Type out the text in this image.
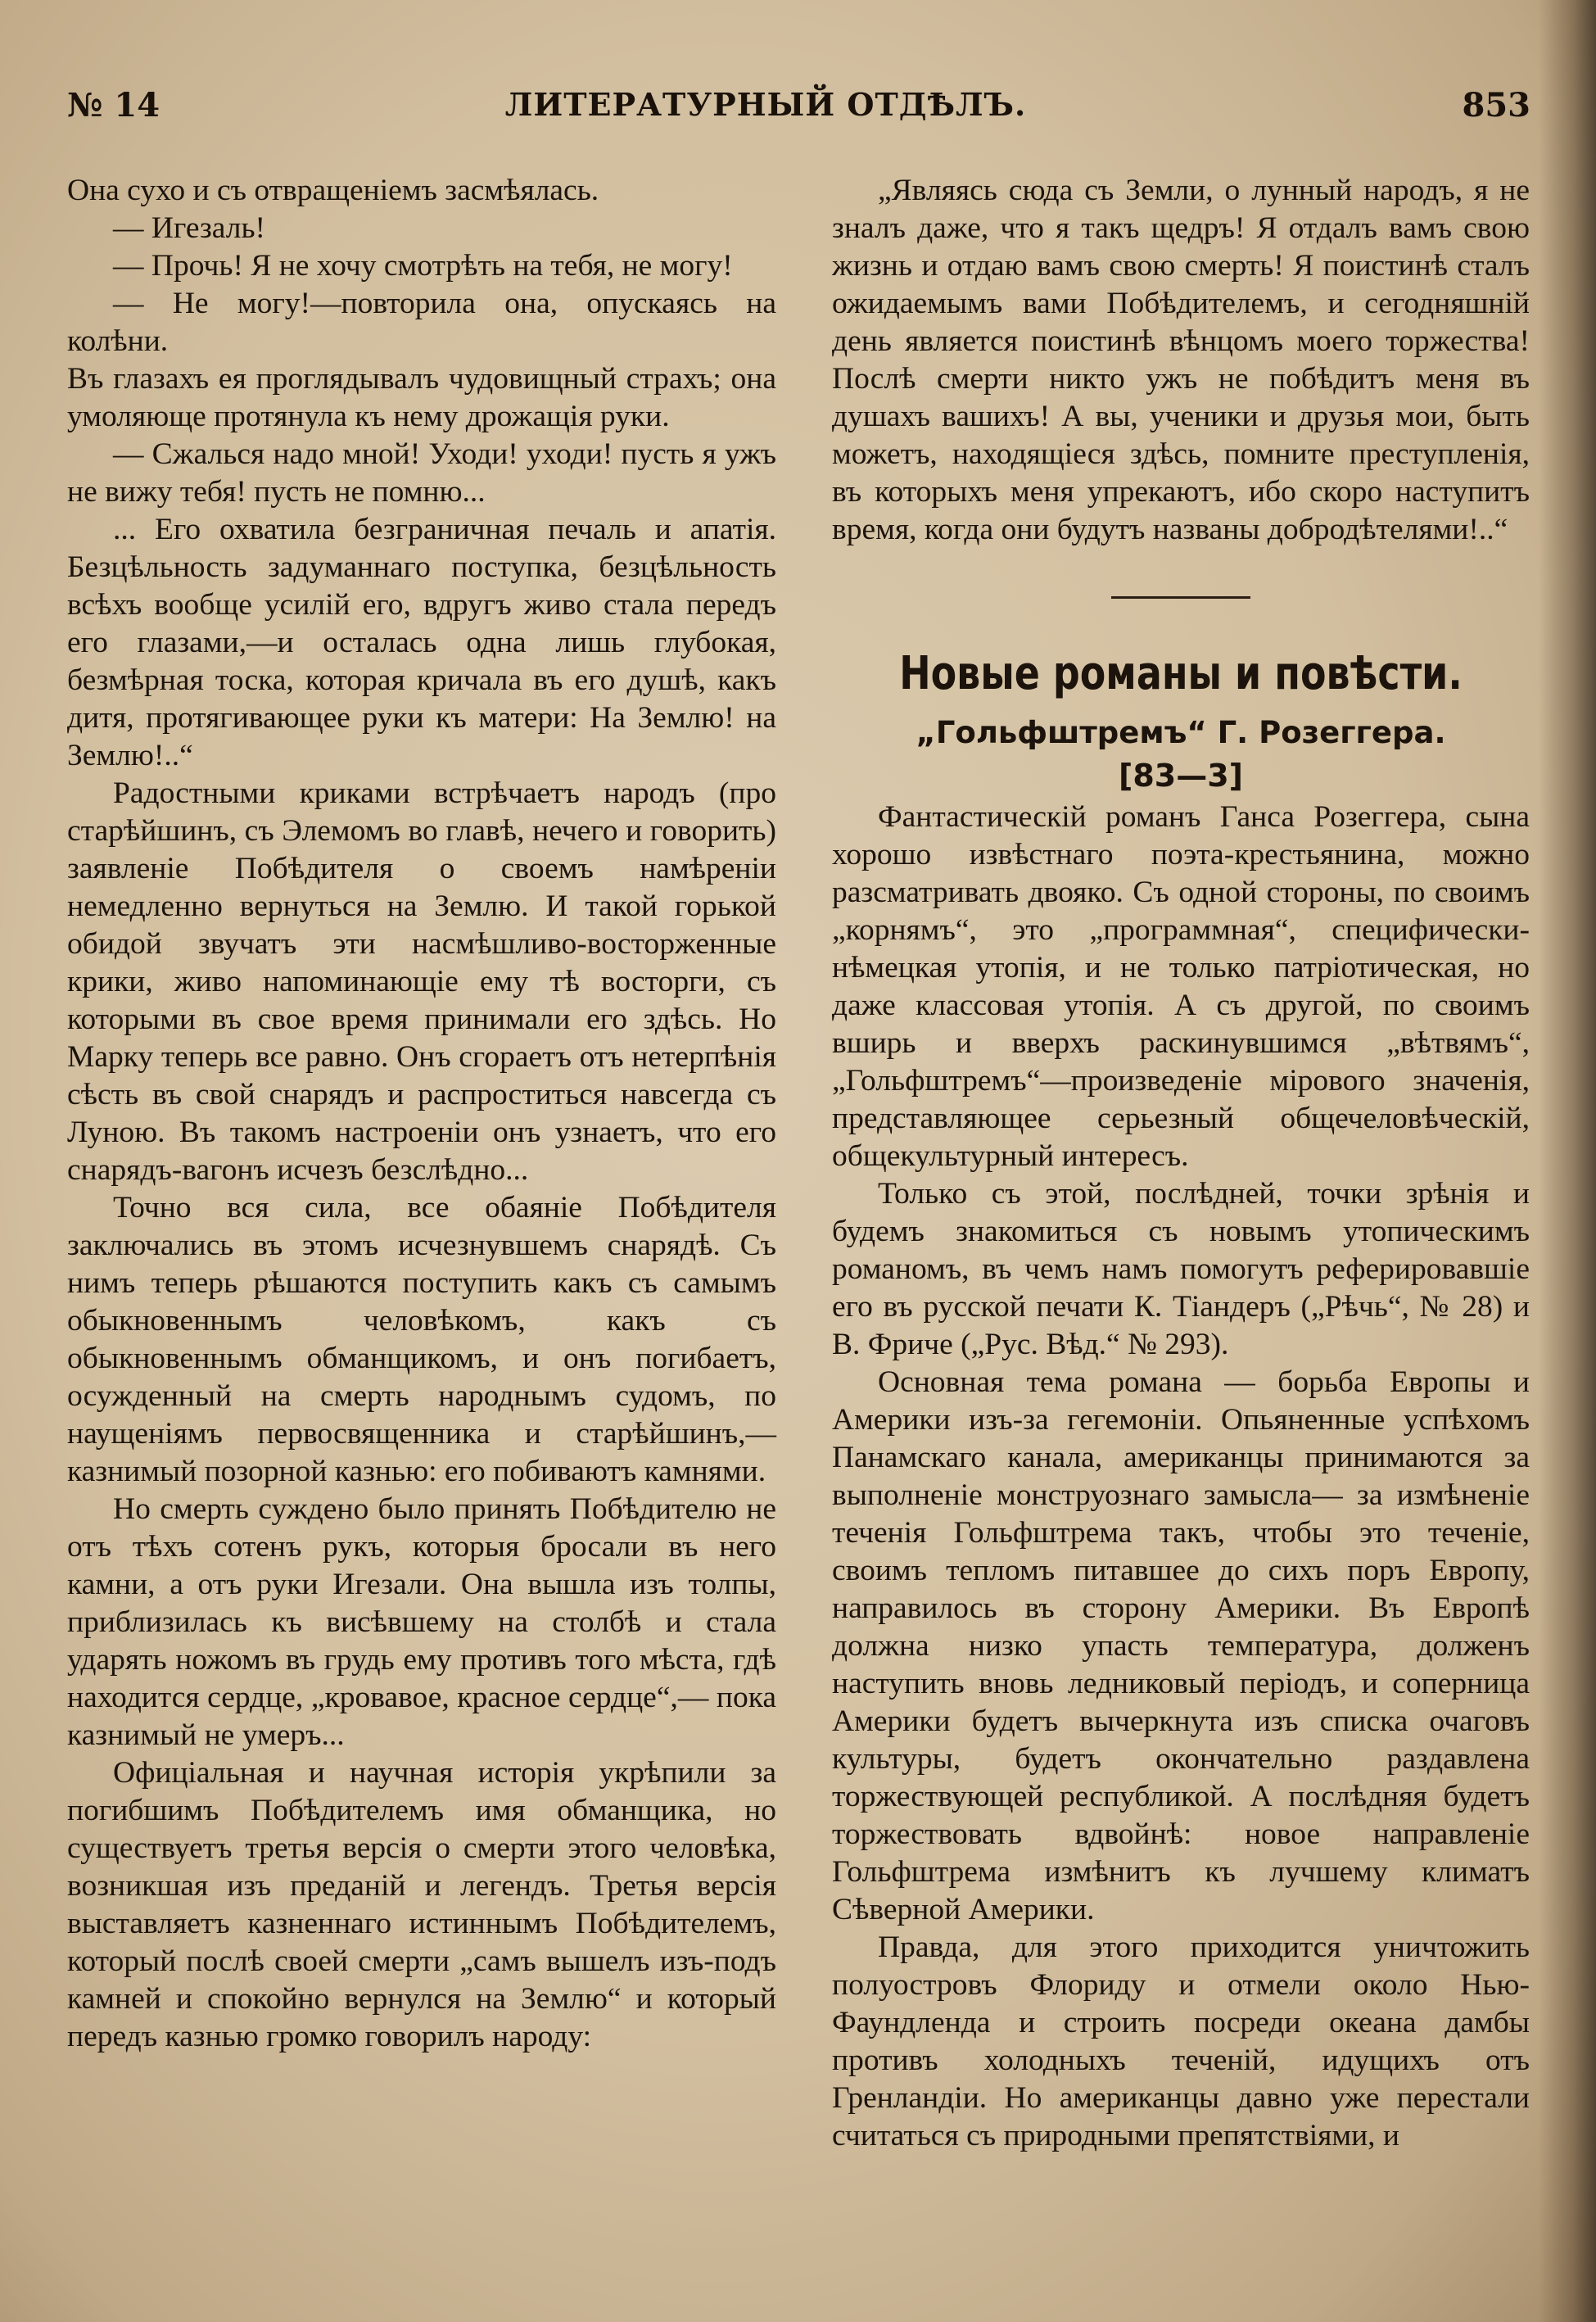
№ 14	ЛИТЕРАТУРНЫЙ ОТДѢЛЪ.	853

Она сухо и съ отвращеніемъ засмѣялась.

— Игезаль!

— Прочь! Я не хочу смотрѣть на тебя, не могу!

— Не могу!—повторила она, опускаясь на колѣни.

Въ глазахъ ея проглядывалъ чудовищный страхъ; она умоляюще протянула къ нему дрожащія руки.

— Сжалься надо мной! Уходи! уходи! пусть я ужъ не вижу тебя! пусть не помню...

... Его охватила безграничная печаль и апатія. Безцѣльность задуманнаго поступка, безцѣльность всѣхъ вообще усилій его, вдругъ живо стала передъ его глазами,—и осталась одна лишь глубокая, безмѣрная тоска, которая кричала въ его душѣ, какъ дитя, протягивающее руки къ матери: На Землю! на Землю!..“

Радостными криками встрѣчаетъ народъ (про старѣйшинъ, съ Элемомъ во главѣ, нечего и говорить) заявленіе Побѣдителя о своемъ намѣреніи немедленно вернуться на Землю. И такой горькой обидой звучатъ эти насмѣшливо-восторженные крики, живо напоминающіе ему тѣ восторги, съ которыми въ свое время принимали его здѣсь. Но Марку теперь все равно. Онъ сгораетъ отъ нетерпѣнія сѣсть въ свой снарядъ и распроститься навсегда съ Луною. Въ такомъ настроеніи онъ узнаетъ, что его снарядъ-вагонъ исчезъ безслѣдно...

Точно вся сила, все обаяніе Побѣдителя заключались въ этомъ исчезнувшемъ снарядѣ. Съ нимъ теперь рѣшаются поступить какъ съ самымъ обыкновеннымъ человѣкомъ, какъ съ обыкновеннымъ обманщикомъ, и онъ погибаетъ, осужденный на смерть народнымъ судомъ, по наущеніямъ первосвященника и старѣйшинъ,— казнимый позорной казнью: его побиваютъ камнями.

Но смерть суждено было принять Побѣдителю не отъ тѣхъ сотенъ рукъ, которыя бросали въ него камни, а отъ руки Игезали. Она вышла изъ толпы, приблизилась къ висѣвшему на столбѣ и стала ударять ножомъ въ грудь ему противъ того мѣста, гдѣ находится сердце, „кровавое, красное сердце“,— пока казнимый не умеръ...

Офиціальная и научная исторія укрѣпили за погибшимъ Побѣдителемъ имя обманщика, но существуетъ третья версія о смерти этого человѣка, возникшая изъ преданій и легендъ. Третья версія выставляетъ казненнаго истиннымъ Побѣдителемъ, который послѣ своей смерти „самъ вышелъ изъ-подъ камней и спокойно вернулся на Землю“ и который передъ казнью громко говорилъ народу:

„Являясь сюда съ Земли, о лунный народъ, я не зналъ даже, что я такъ щедръ! Я отдалъ вамъ свою жизнь и отдаю вамъ свою смерть! Я поистинѣ сталъ ожидаемымъ вами Побѣдителемъ, и сегодняшній день является поистинѣ вѣнцомъ моего торжества! Послѣ смерти никто ужъ не побѣдитъ меня въ душахъ вашихъ! А вы, ученики и друзья мои, быть можетъ, находящіеся здѣсь, помните преступленія, въ которыхъ меня упрекаютъ, ибо скоро наступитъ время, когда они будутъ названы добродѣтелями!..“

Новые романы и повѣсти.
„Гольфштремъ“ Г. Розеггера.
[83—3]

Фантастическій романъ Ганса Розеггера, сына хорошо извѣстнаго поэта-крестьянина, можно разсматривать двояко. Съ одной стороны, по своимъ „корнямъ“, это „программная“, специфически-нѣмецкая утопія, и не только патріотическая, но даже классовая утопія. А съ другой, по своимъ вширь и вверхъ раскинувшимся „вѣтвямъ“, „Гольфштремъ“—произведеніе мірового значенія, представляющее серьезный общечеловѣческій, общекультурный интересъ.

Только съ этой, послѣдней, точки зрѣнія и будемъ знакомиться съ новымъ утопическимъ романомъ, въ чемъ намъ помогутъ реферировавшіе его въ русской печати К. Тіандеръ („Рѣчь“, № 28) и В. Фриче („Рус. Вѣд.“ № 293).

Основная тема романа — борьба Европы и Америки изъ-за гегемоніи. Опьяненные успѣхомъ Панамскаго канала, американцы принимаются за выполненіе монструознаго замысла— за измѣненіе теченія Гольфштрема такъ, чтобы это теченіе, своимъ тепломъ питавшее до сихъ поръ Европу, направилось въ сторону Америки. Въ Европѣ должна низко упасть температура, долженъ наступить вновь ледниковый періодъ, и соперница Америки будетъ вычеркнута изъ списка очаговъ культуры, будетъ окончательно раздавлена торжествующей республикой. А послѣдняя будетъ торжествовать вдвойнѣ: новое направленіе Гольфштрема измѣнитъ къ лучшему климатъ Сѣверной Америки.

Правда, для этого приходится уничтожить полуостровъ Флориду и отмели около Нью-Фаундленда и строить посреди океана дамбы противъ холодныхъ теченій, идущихъ отъ Гренландіи. Но американцы давно уже перестали считаться съ природными препятствіями, и
